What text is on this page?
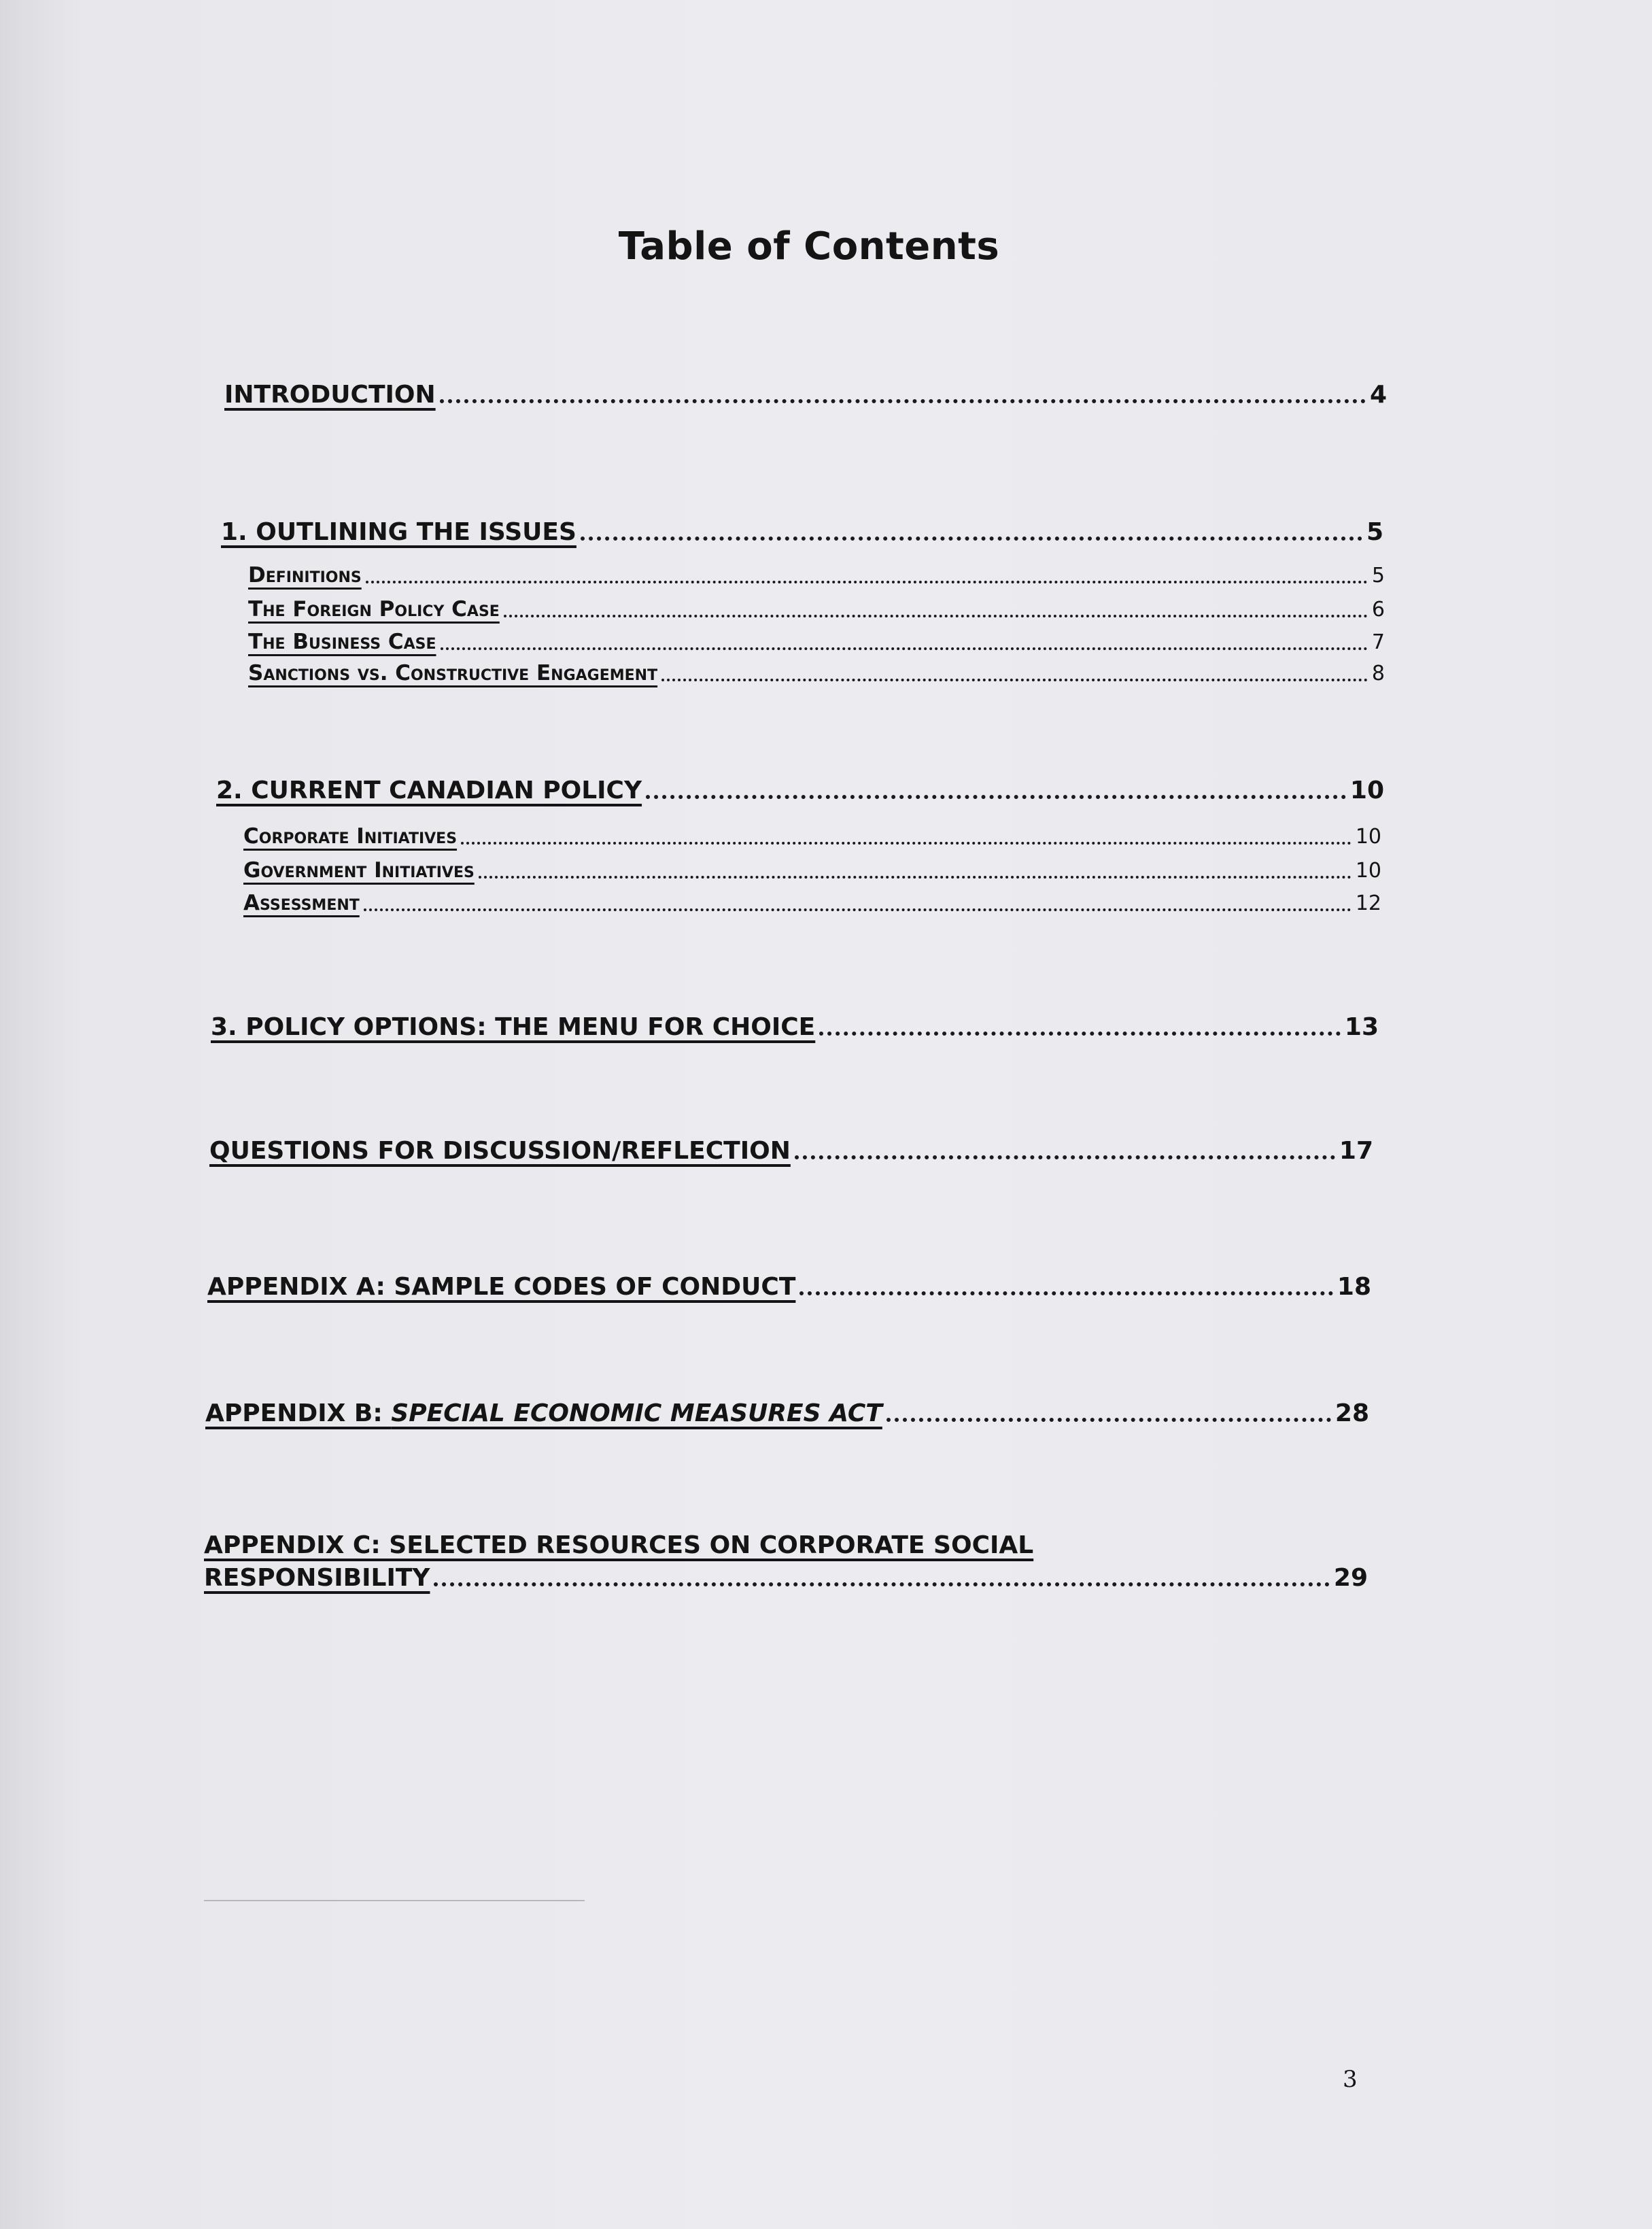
Table of Contents
INTRODUCTION	4
1. OUTLINING THE ISSUES	5
Definitions	5
The Foreign Policy Case	6
The Business Case	7
Sanctions vs. Constructive Engagement	8
2. CURRENT CANADIAN POLICY	10
Corporate Initiatives	10
Government Initiatives	10
Assessment	12
3. POLICY OPTIONS: THE MENU FOR CHOICE	13
QUESTIONS FOR DISCUSSION/REFLECTION	17
APPENDIX A: SAMPLE CODES OF CONDUCT	18
APPENDIX B: SPECIAL ECONOMIC MEASURES ACT	28
APPENDIX C: SELECTED RESOURCES ON CORPORATE SOCIAL
RESPONSIBILITY	29
3
